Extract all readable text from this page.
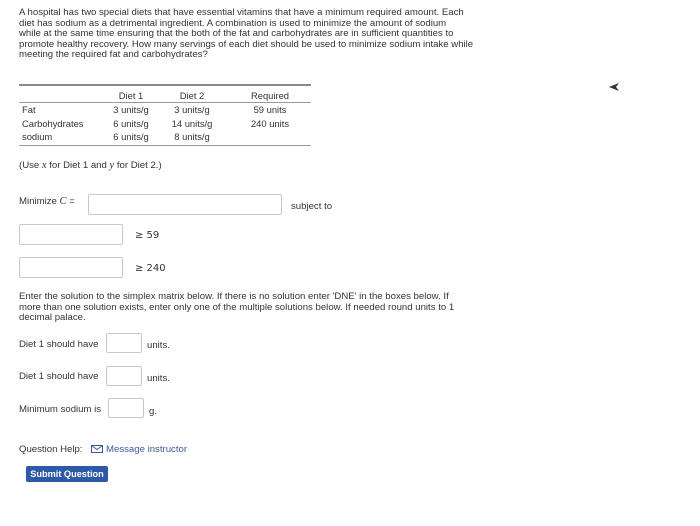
A hospital has two special diets that have essential vitamins that have a minimum required amount. Each
diet has sodium as a detrimental ingredient. A combination is used to minimize the amount of sodium
while at the same time ensuring that the both of the fat and carbohydrates are in sufficient quantities to
promote healthy recovery. How many servings of each diet should be used to minimize sodium intake while
meeting the required fat and carbohydrates?
Diet 1	Diet 2	Required
Fat	3 units/g	3 units/g	59 units
Carbohydrates	6 units/g	14 units/g	240 units
sodium	6 units/g	8 units/g
(Use x for Diet 1 and y for Diet 2.)
Minimize C =	subject to
≥ 59
≥ 240
Enter the solution to the simplex matrix below. If there is no solution enter 'DNE' in the boxes below. If
more than one solution exists, enter only one of the multiple solutions below. If needed round units to 1
decimal palace.
Diet 1 should have	units.
Diet 1 should have	units.
Minimum sodium is	g.
Question Help: Message instructor
Submit Question
